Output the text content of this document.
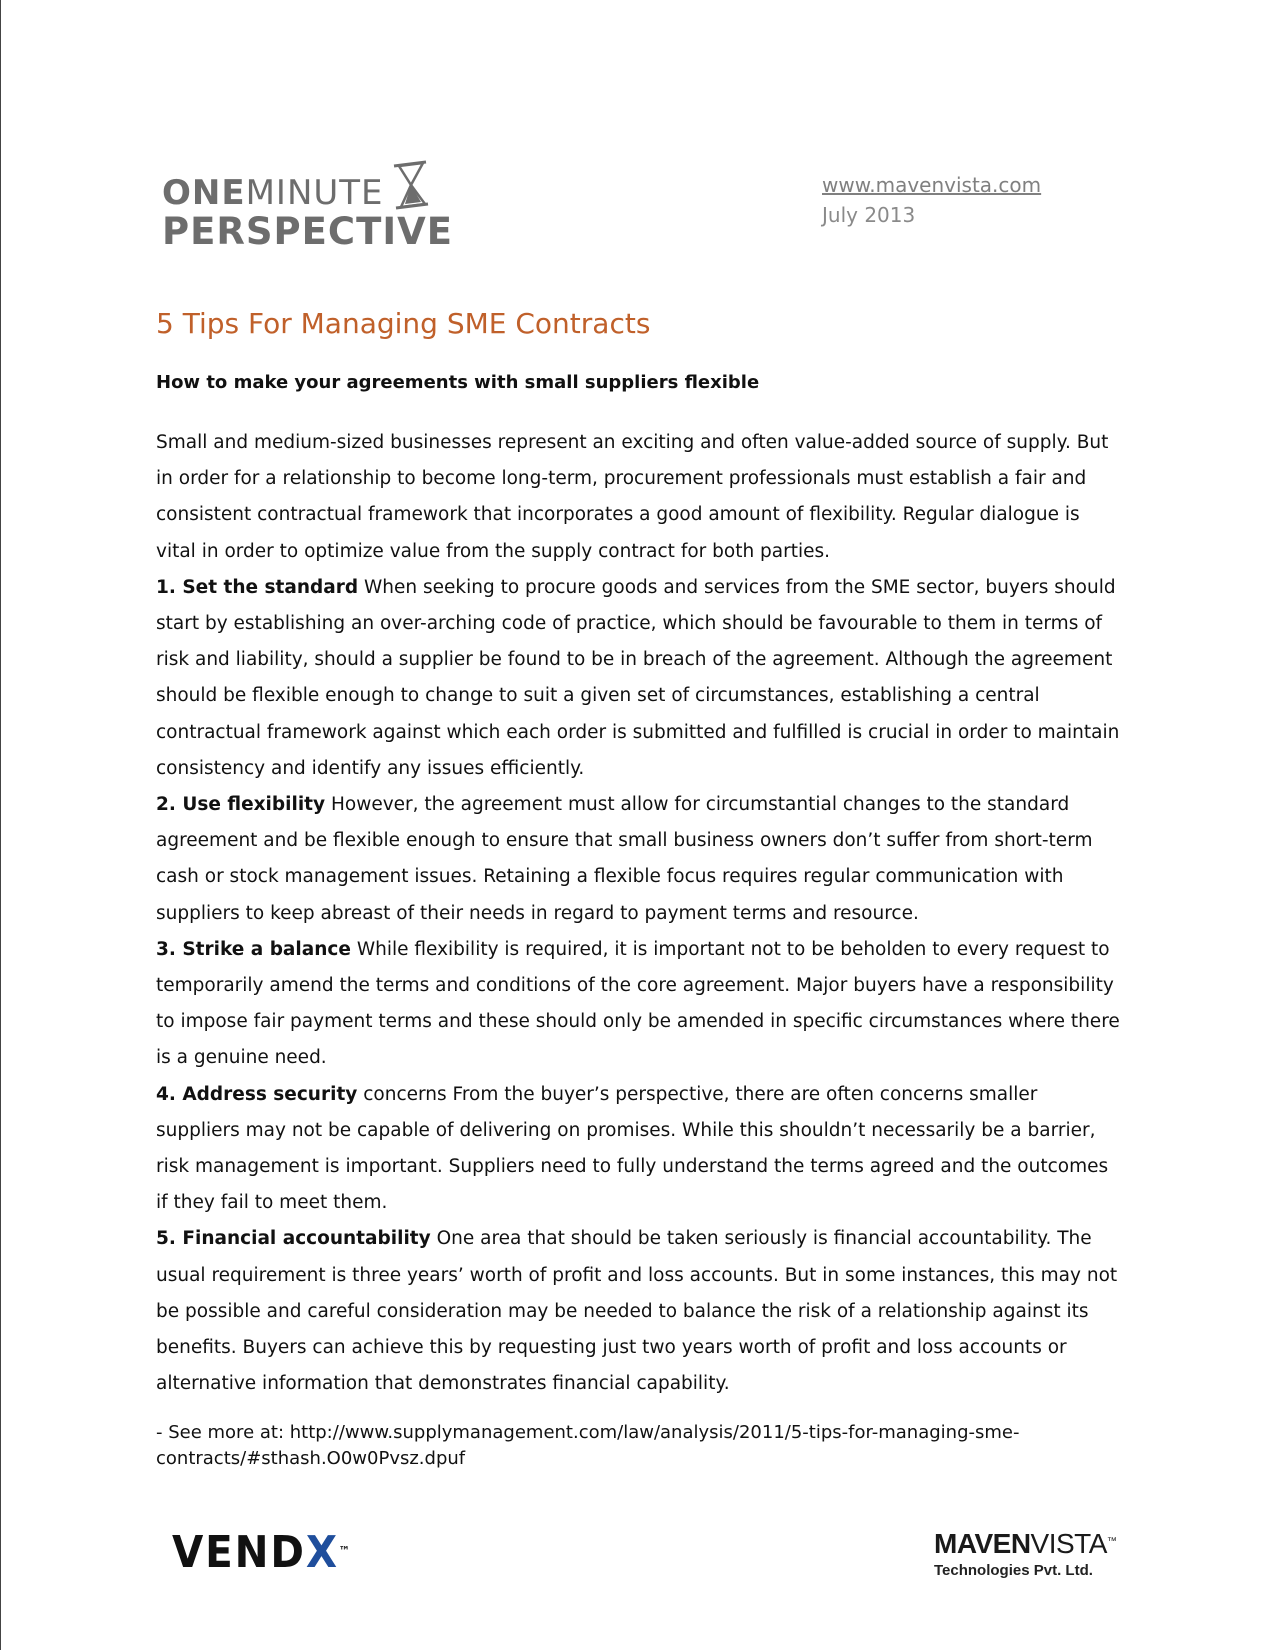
ONEMINUTE
PERSPECTIVE
www.mavenvista.com
July 2013
5 Tips For Managing SME Contracts
How to make your agreements with small suppliers flexible

Small and medium-sized businesses represent an exciting and often value-added source of supply. But in order for a relationship to become long-term, procurement professionals must establish a fair and consistent contractual framework that incorporates a good amount of flexibility. Regular dialogue is vital in order to optimize value from the supply contract for both parties.

1. Set the standard When seeking to procure goods and services from the SME sector, buyers should start by establishing an over-arching code of practice, which should be favourable to them in terms of risk and liability, should a supplier be found to be in breach of the agreement. Although the agreement should be flexible enough to change to suit a given set of circumstances, establishing a central contractual framework against which each order is submitted and fulfilled is crucial in order to maintain consistency and identify any issues efficiently.

2. Use flexibility However, the agreement must allow for circumstantial changes to the standard agreement and be flexible enough to ensure that small business owners don’t suffer from short-term cash or stock management issues. Retaining a flexible focus requires regular communication with suppliers to keep abreast of their needs in regard to payment terms and resource.

3. Strike a balance While flexibility is required, it is important not to be beholden to every request to temporarily amend the terms and conditions of the core agreement. Major buyers have a responsibility to impose fair payment terms and these should only be amended in specific circumstances where there is a genuine need.

4. Address security concerns From the buyer’s perspective, there are often concerns smaller suppliers may not be capable of delivering on promises. While this shouldn’t necessarily be a barrier, risk management is important. Suppliers need to fully understand the terms agreed and the outcomes if they fail to meet them.

5. Financial accountability One area that should be taken seriously is financial accountability. The usual requirement is three years’ worth of profit and loss accounts. But in some instances, this may not be possible and careful consideration may be needed to balance the risk of a relationship against its benefits. Buyers can achieve this by requesting just two years worth of profit and loss accounts or alternative information that demonstrates financial capability.

- See more at: http://www.supplymanagement.com/law/analysis/2011/5-tips-for-managing-sme-contracts/#sthash.O0w0Pvsz.dpuf

VENDX™	MAVENVISTA™
Technologies Pvt. Ltd.
